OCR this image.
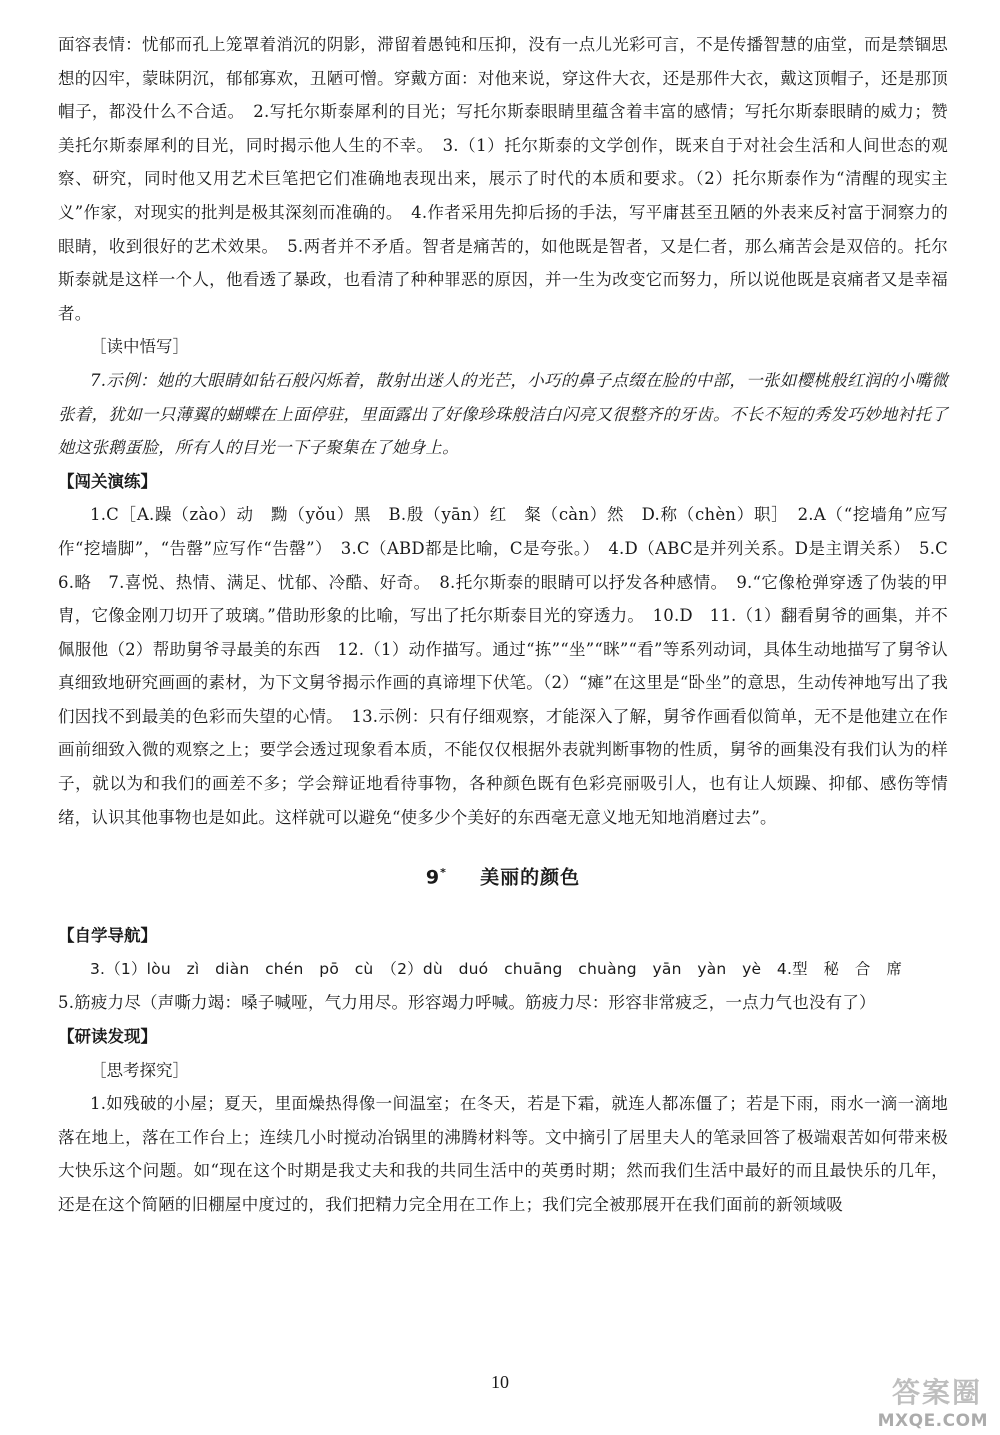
面容表情：忧郁而孔上笼罩着消沉的阴影，滞留着愚钝和压抑，没有一点儿光彩可言，不是传播智慧的庙堂，而是禁锢思想的囚牢，蒙昧阴沉，郁郁寡欢，丑陋可憎。穿戴方面：对他来说，穿这件大衣，还是那件大衣，戴这顶帽子，还是那顶帽子，都没什么不合适。　2.写托尔斯泰犀利的目光；写托尔斯泰眼睛里蕴含着丰富的感情；写托尔斯泰眼睛的威力；赞美托尔斯泰犀利的目光，同时揭示他人生的不幸。　3.（1）托尔斯泰的文学创作，既来自于对社会生活和人间世态的观察、研究，同时他又用艺术巨笔把它们准确地表现出来，展示了时代的本质和要求。（2）托尔斯泰作为“清醒的现实主义”作家，对现实的批判是极其深刻而准确的。　4.作者采用先抑后扬的手法，写平庸甚至丑陋的外表来反衬富于洞察力的眼睛，收到很好的艺术效果。　5.两者并不矛盾。智者是痛苦的，如他既是智者，又是仁者，那么痛苦会是双倍的。托尔斯泰就是这样一个人，他看透了暴政，也看清了种种罪恶的原因，并一生为改变它而努力，所以说他既是哀痛者又是幸福者。

［读中悟写］

7.示例：她的大眼睛如钻石般闪烁着，散射出迷人的光芒，小巧的鼻子点缀在脸的中部，一张如樱桃般红润的小嘴微张着，犹如一只薄翼的蝴蝶在上面停驻，里面露出了好像珍珠般洁白闪亮又很整齐的牙齿。不长不短的秀发巧妙地衬托了她这张鹅蛋脸，所有人的目光一下子聚集在了她身上。

【闯关演练】

1.C［A.躁（zào）动　黝（yǒu）黑　B.殷（yān）红　粲（càn）然　D.称（chèn）职］　2.A（“挖墙角”应写作“挖墙脚”，“告罄”应写作“告罄”）　3.C（ABD都是比喻，C是夸张。）　4.D（ABC是并列关系。D是主谓关系）　5.C　6.略　7.喜悦、热情、满足、忧郁、冷酷、好奇。　8.托尔斯泰的眼睛可以抒发各种感情。　9.“它像枪弹穿透了伪装的甲胄，它像金刚刀切开了玻璃。”借助形象的比喻，写出了托尔斯泰目光的穿透力。　10.D　11.（1）翻看舅爷的画集，并不佩服他（2）帮助舅爷寻最美的东西　12.（1）动作描写。通过“拣”“坐”“眯”“看”等系列动词，具体生动地描写了舅爷认真细致地研究画画的素材，为下文舅爷揭示作画的真谛埋下伏笔。（2）“瘫”在这里是“卧坐”的意思，生动传神地写出了我们因找不到最美的色彩而失望的心情。　13.示例：只有仔细观察，才能深入了解，舅爷作画看似简单，无不是他建立在作画前细致入微的观察之上；要学会透过现象看本质，不能仅仅根据外表就判断事物的性质，舅爷的画集没有我们认为的样子，就以为和我们的画差不多；学会辩证地看待事物，各种颜色既有色彩亮丽吸引人，也有让人烦躁、抑郁、感伤等情绪，认识其他事物也是如此。这样就可以避免“使多少个美好的东西毫无意义地无知地消磨过去”。

9* 美丽的颜色

【自学导航】

3.（1）lòu　zì　diàn　chén　pō　cù　（2）dù　duó　chuāng　chuàng　yān　yàn　yè　4.型　秘　合　席

5.筋疲力尽（声嘶力竭：嗓子喊哑，气力用尽。形容竭力呼喊。筋疲力尽：形容非常疲乏，一点力气也没有了）

【研读发现】

［思考探究］

1.如残破的小屋；夏天，里面燥热得像一间温室；在冬天，若是下霜，就连人都冻僵了；若是下雨，雨水一滴一滴地落在地上，落在工作台上；连续几小时搅动冶锅里的沸腾材料等。文中摘引了居里夫人的笔录回答了极端艰苦如何带来极大快乐这个问题。如“现在这个时期是我丈夫和我的共同生活中的英勇时期；然而我们生活中最好的而且最快乐的几年，还是在这个简陋的旧棚屋中度过的，我们把精力完全用在工作上；我们完全被那展开在我们面前的新领域吸

10	答案圈
MXQE.COM
